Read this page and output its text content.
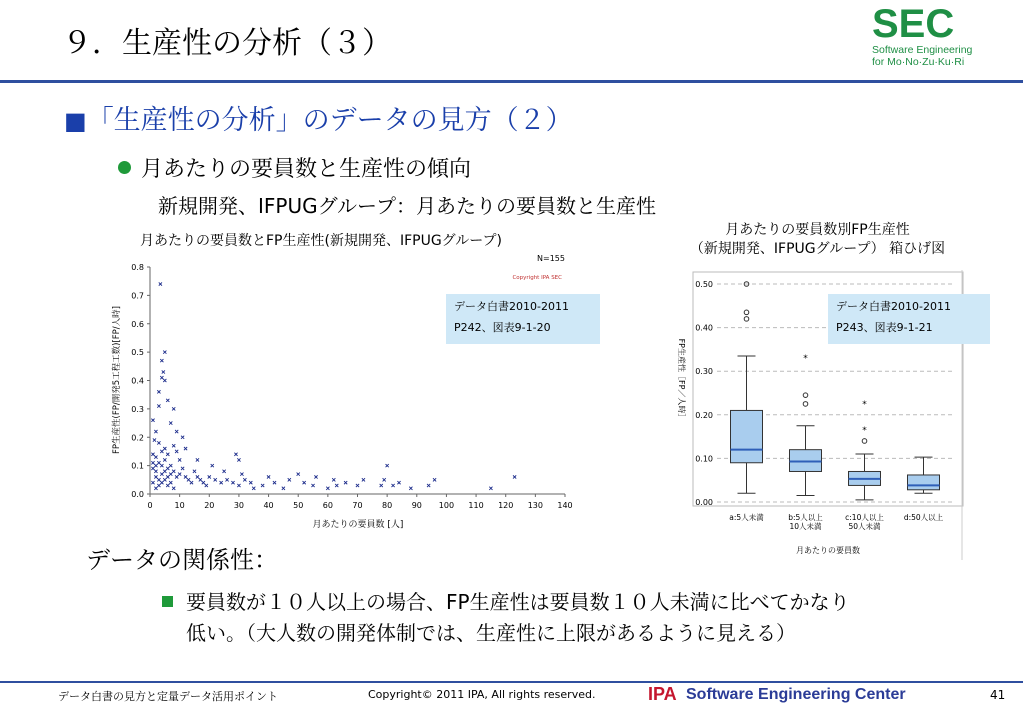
９．生産性の分析（３）	SEC
Software Engineering
for Mo·No·Zu·Ku·Ri
■「生産性の分析」のデータの見方（２）
月あたりの要員数と生産性の傾向
新規開発、IFPUGグループ：月あたりの要員数と生産性
月あたりの要員数とFP生産性(新規開発、IFPUGグループ)
0.0
0.1
0.2
0.3
0.4
0.5
0.6
0.7
0.8
0	10 20 30 40 50 60 70 80 90 100 110 120 130 140
月あたりの要員数 [人]
FP生産性(FP/開発5工程工数)[FP/人時]
N=155
Copyright IPA SEC
データ白書2010-2011
P242、図表9-1-20
月あたりの要員数別FP生産性
（新規開発、IFPUGグループ） 箱ひげ図
0.00
0.10
0.20
0.30
0.40
0.50
*
*
*
a:5人未満	b:5人以上
10人未満
c:10人以上
50人未満
d:50人以上
月あたりの要員数
FP生産性［FP／人時］
データ白書2010-2011
P243、図表9-1-21
データの関係性：
要員数が１０人以上の場合、FP生産性は要員数１０人未満に比べてかなり
低い。（大人数の開発体制では、生産性に上限があるように見える）
データ白書の見方と定量データ活用ポイント	Copyright© 2011 IPA, All rights reserved.	IPA Software Engineering Center	41
